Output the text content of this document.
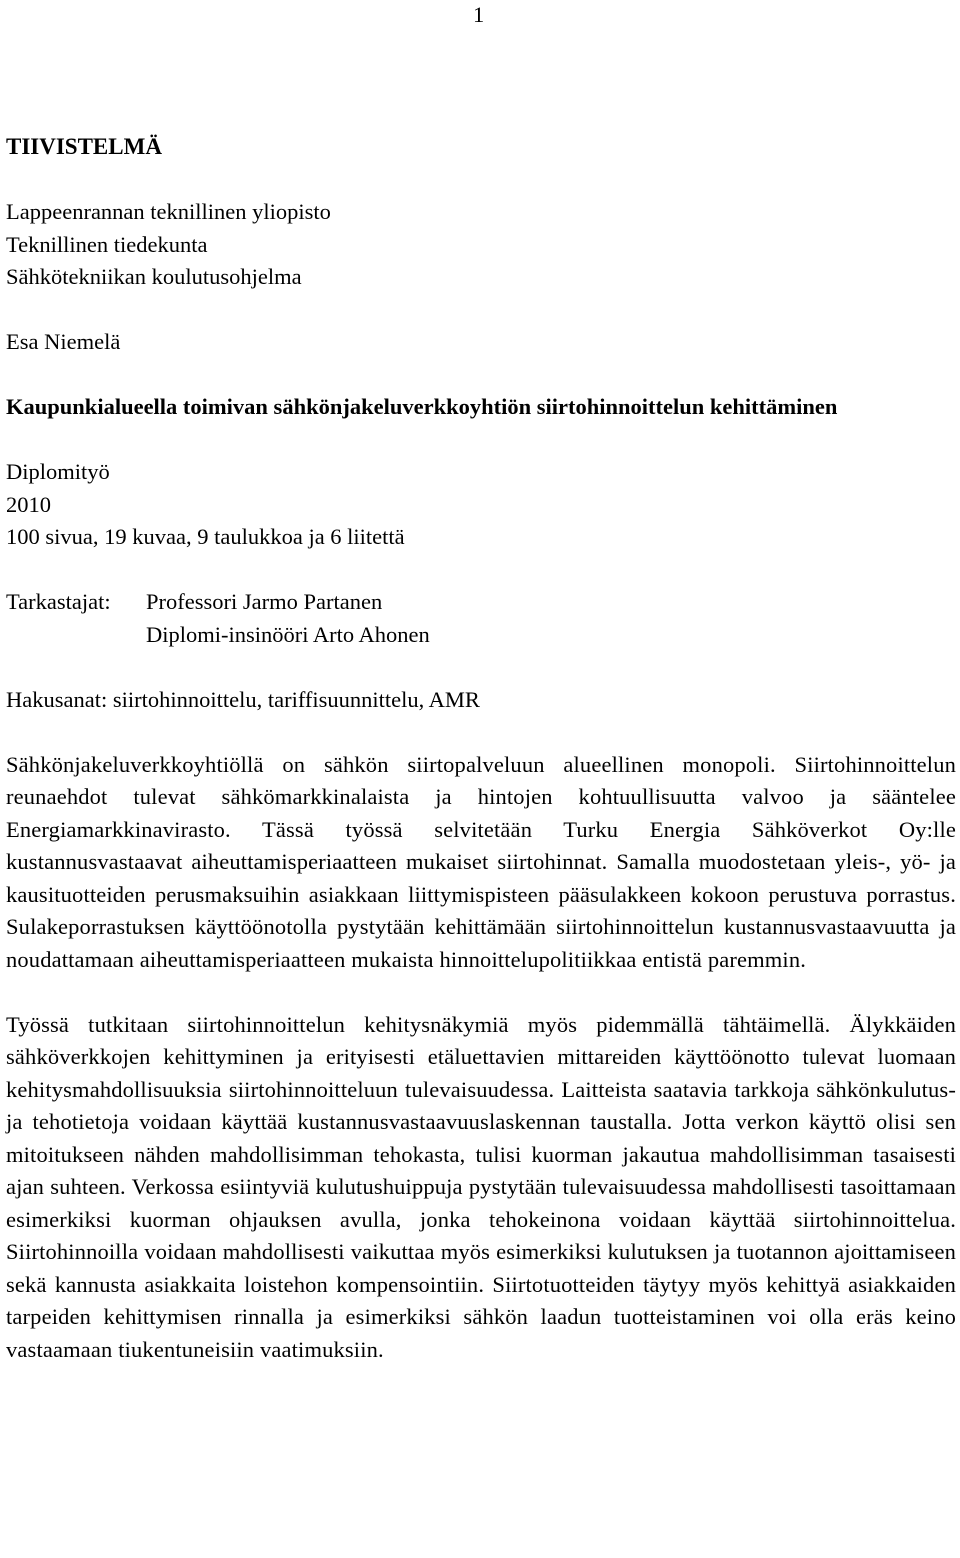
1
TIIVISTELMÄ
Lappeenrannan teknillinen yliopisto
Teknillinen tiedekunta
Sähkötekniikan koulutusohjelma
Esa Niemelä
Kaupunkialueella toimivan sähkönjakeluverkkoyhtiön siirtohinnoittelun kehittäminen
Diplomityö
2010
100 sivua, 19 kuvaa, 9 taulukkoa ja 6 liitettä
Tarkastajat:	Professori Jarmo Partanen
Diplomi-insinööri Arto Ahonen
Hakusanat: siirtohinnoittelu, tariffisuunnittelu, AMR

Sähkönjakeluverkkoyhtiöllä on sähkön siirtopalveluun alueellinen monopoli. Siirtohinnoittelun reunaehdot tulevat sähkömarkkinalaista ja hintojen kohtuullisuutta valvoo ja sääntelee Energiamarkkinavirasto. Tässä työssä selvitetään Turku Energia Sähköverkot Oy:lle kustannusvastaavat aiheuttamisperiaatteen mukaiset siirtohinnat. Samalla muodostetaan yleis-, yö- ja kausituotteiden perusmaksuihin asiakkaan liittymispisteen pääsulakkeen kokoon perustuva porrastus. Sulakeporrastuksen käyttöönotolla pystytään kehittämään siirtohinnoittelun kustannusvastaavuutta ja noudattamaan aiheuttamisperiaatteen mukaista hinnoittelupolitiikkaa entistä paremmin.

Työssä tutkitaan siirtohinnoittelun kehitysnäkymiä myös pidemmällä tähtäimellä. Älykkäiden sähköverkkojen kehittyminen ja erityisesti etäluettavien mittareiden käyttöönotto tulevat luomaan kehitysmahdollisuuksia siirtohinnoitteluun tulevaisuudessa. Laitteista saatavia tarkkoja sähkönkulutus- ja tehotietoja voidaan käyttää kustannusvastaavuuslaskennan taustalla. Jotta verkon käyttö olisi sen mitoitukseen nähden mahdollisimman tehokasta, tulisi kuorman jakautua mahdollisimman tasaisesti ajan suhteen. Verkossa esiintyviä kulutushuippuja pystytään tulevaisuudessa mahdollisesti tasoittamaan esimerkiksi kuorman ohjauksen avulla, jonka tehokeinona voidaan käyttää siirtohinnoittelua. Siirtohinnoilla voidaan mahdollisesti vaikuttaa myös esimerkiksi kulutuksen ja tuotannon ajoittamiseen sekä kannusta asiakkaita loistehon kompensointiin. Siirtotuotteiden täytyy myös kehittyä asiakkaiden tarpeiden kehittymisen rinnalla ja esimerkiksi sähkön laadun tuotteistaminen voi olla eräs keino vastaamaan tiukentuneisiin vaatimuksiin.
